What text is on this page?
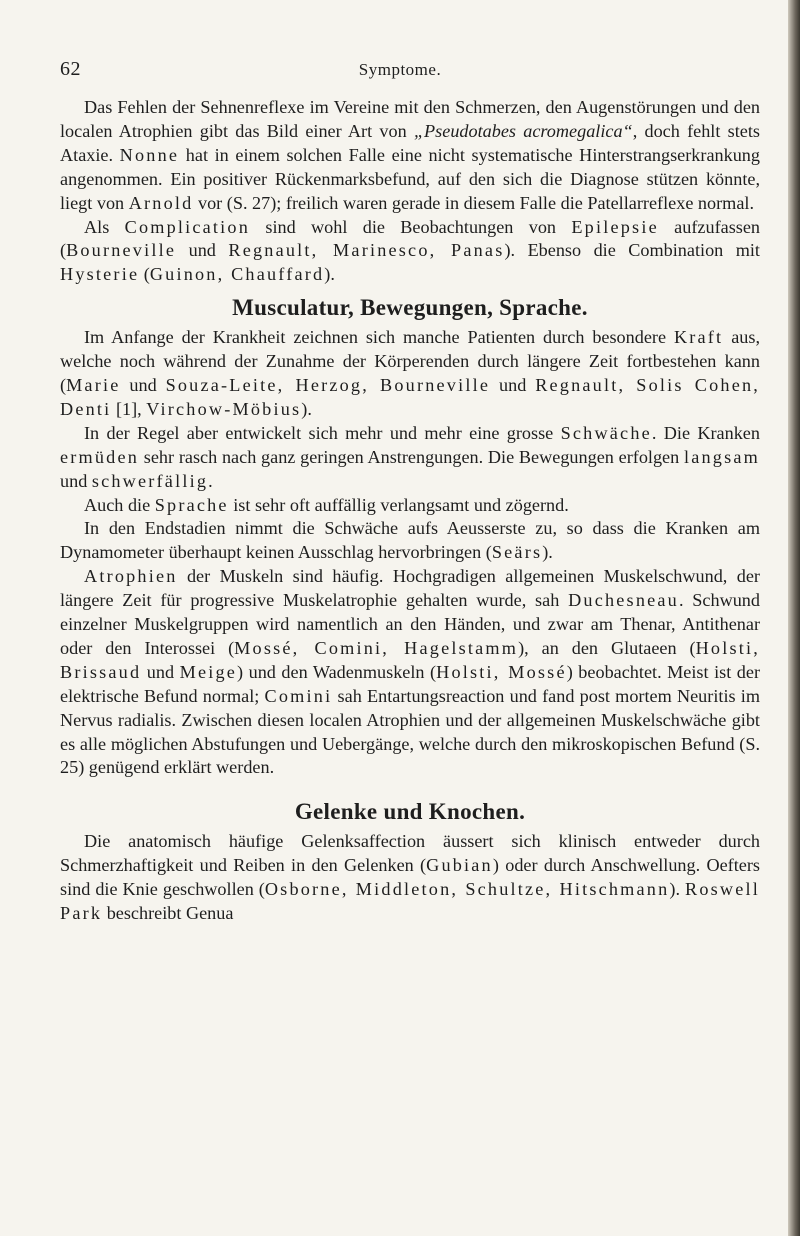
62	Symptome.

Das Fehlen der Sehnenreflexe im Vereine mit den Schmerzen, den Augenstörungen und den localen Atrophien gibt das Bild einer Art von „Pseudotabes acromegalica“, doch fehlt stets Ataxie. Nonne hat in einem solchen Falle eine nicht systematische Hinterstrangserkrankung angenommen. Ein positiver Rückenmarksbefund, auf den sich die Diagnose stützen könnte, liegt von Arnold vor (S. 27); freilich waren gerade in diesem Falle die Patellarreflexe normal.

Als Complication sind wohl die Beobachtungen von Epilepsie aufzufassen (Bourneville und Regnault, Marinesco, Panas). Ebenso die Combination mit Hysterie (Guinon, Chauffard).

Musculatur, Bewegungen, Sprache.

Im Anfange der Krankheit zeichnen sich manche Patienten durch besondere Kraft aus, welche noch während der Zunahme der Körperenden durch längere Zeit fortbestehen kann (Marie und Souza-Leite, Herzog, Bourneville und Regnault, Solis Cohen, Denti [1], Virchow-Möbius).

In der Regel aber entwickelt sich mehr und mehr eine grosse Schwäche. Die Kranken ermüden sehr rasch nach ganz geringen Anstrengungen. Die Bewegungen erfolgen langsam und schwerfällig.

Auch die Sprache ist sehr oft auffällig verlangsamt und zögernd.

In den Endstadien nimmt die Schwäche aufs Aeusserste zu, so dass die Kranken am Dynamometer überhaupt keinen Ausschlag hervorbringen (Seärs).

Atrophien der Muskeln sind häufig. Hochgradigen allgemeinen Muskelschwund, der längere Zeit für progressive Muskelatrophie gehalten wurde, sah Duchesneau. Schwund einzelner Muskelgruppen wird namentlich an den Händen, und zwar am Thenar, Antithenar oder den Interossei (Mossé, Comini, Hagelstamm), an den Glutaeen (Holsti, Brissaud und Meige) und den Wadenmuskeln (Holsti, Mossé) beobachtet. Meist ist der elektrische Befund normal; Comini sah Entartungsreaction und fand post mortem Neuritis im Nervus radialis. Zwischen diesen localen Atrophien und der allgemeinen Muskelschwäche gibt es alle möglichen Abstufungen und Uebergänge, welche durch den mikroskopischen Befund (S. 25) genügend erklärt werden.

Gelenke und Knochen.

Die anatomisch häufige Gelenksaffection äussert sich klinisch entweder durch Schmerzhaftigkeit und Reiben in den Gelenken (Gubian) oder durch Anschwellung. Oefters sind die Knie geschwollen (Osborne, Middleton, Schultze, Hitschmann). Roswell Park beschreibt Genua
